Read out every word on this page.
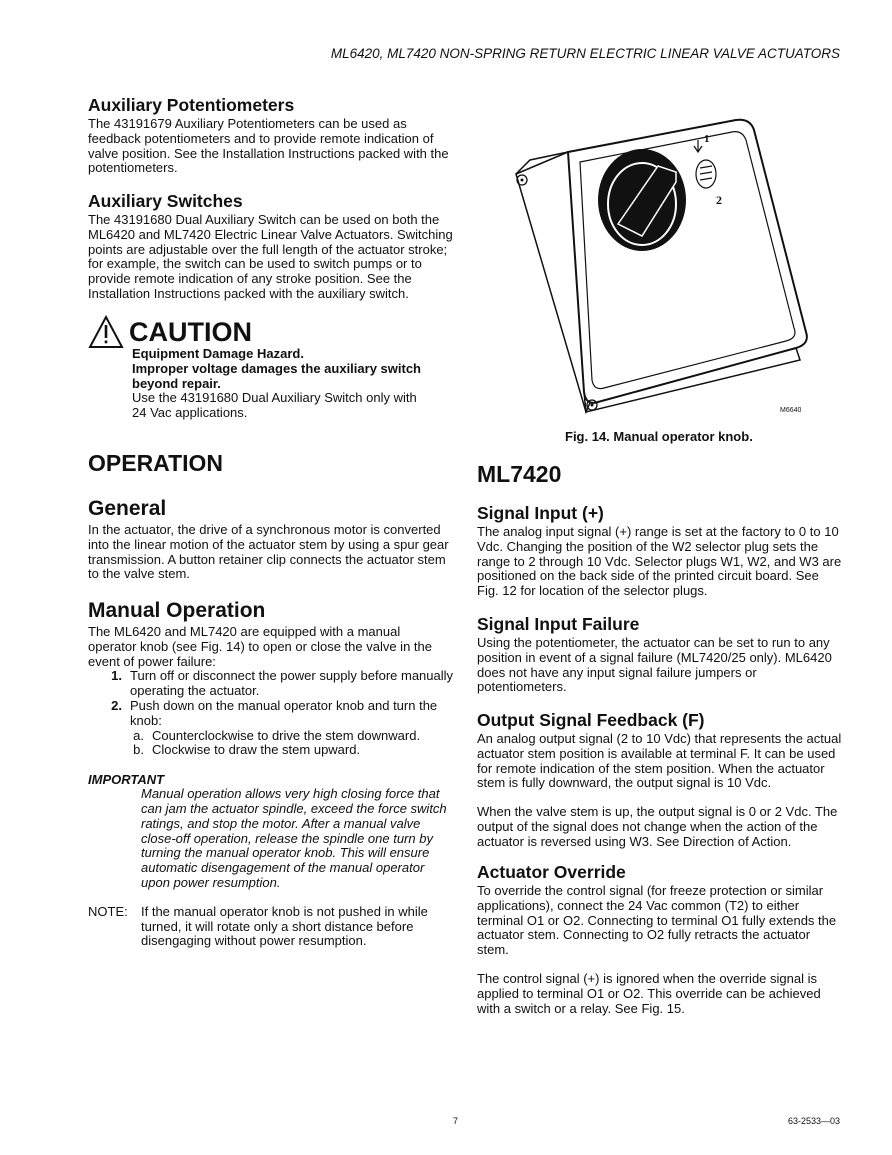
ML6420, ML7420 NON-SPRING RETURN ELECTRIC LINEAR VALVE ACTUATORS
Auxiliary Potentiometers
The 43191679 Auxiliary Potentiometers can be used as
feedback potentiometers and to provide remote indication of
valve position. See the Installation Instructions packed with the
potentiometers.
Auxiliary Switches
The 43191680 Dual Auxiliary Switch can be used on both the
ML6420 and ML7420 Electric Linear Valve Actuators. Switching
points are adjustable over the full length of the actuator stroke;
for example, the switch can be used to switch pumps or to
provide remote indication of any stroke position. See the
Installation Instructions packed with the auxiliary switch.
CAUTION
Equipment Damage Hazard.
Improper voltage damages the auxiliary switch
beyond repair.
Use the 43191680 Dual Auxiliary Switch only with
24 Vac applications.
OPERATION
General
In the actuator, the drive of a synchronous motor is converted
into the linear motion of the actuator stem by using a spur gear
transmission. A button retainer clip connects the actuator stem
to the valve stem.
Manual Operation
The ML6420 and ML7420 are equipped with a manual
operator knob (see Fig. 14) to open or close the valve in the
event of power failure:
1. Turn off or disconnect the power supply before manually
operating the actuator.
2. Push down on the manual operator knob and turn the
knob:
a. Counterclockwise to drive the stem downward.
b. Clockwise to draw the stem upward.
IMPORTANT
Manual operation allows very high closing force that
can jam the actuator spindle, exceed the force switch
ratings, and stop the motor. After a manual valve
close-off operation, release the spindle one turn by
turning the manual operator knob. This will ensure
automatic disengagement of the manual operator
upon power resumption.
NOTE:	If the manual operator knob is not pushed in while
turned, it will rotate only a short distance before
disengaging without power resumption.
1
2
M6640
Fig. 14. Manual operator knob.
ML7420
Signal Input (+)
The analog input signal (+) range is set at the factory to 0 to 10
Vdc. Changing the position of the W2 selector plug sets the
range to 2 through 10 Vdc. Selector plugs W1, W2, and W3 are
positioned on the back side of the printed circuit board. See
Fig. 12 for location of the selector plugs.
Signal Input Failure
Using the potentiometer, the actuator can be set to run to any
position in event of a signal failure (ML7420/25 only). ML6420
does not have any input signal failure jumpers or
potentiometers.
Output Signal Feedback (F)
An analog output signal (2 to 10 Vdc) that represents the actual
actuator stem position is available at terminal F. It can be used
for remote indication of the stem position. When the actuator
stem is fully downward, the output signal is 10 Vdc.
When the valve stem is up, the output signal is 0 or 2 Vdc. The
output of the signal does not change when the action of the
actuator is reversed using W3. See Direction of Action.
Actuator Override
To override the control signal (for freeze protection or similar
applications), connect the 24 Vac common (T2) to either
terminal O1 or O2. Connecting to terminal O1 fully extends the
actuator stem. Connecting to O2 fully retracts the actuator
stem.
The control signal (+) is ignored when the override signal is
applied to terminal O1 or O2. This override can be achieved
with a switch or a relay. See Fig. 15.
7	63-2533—03
